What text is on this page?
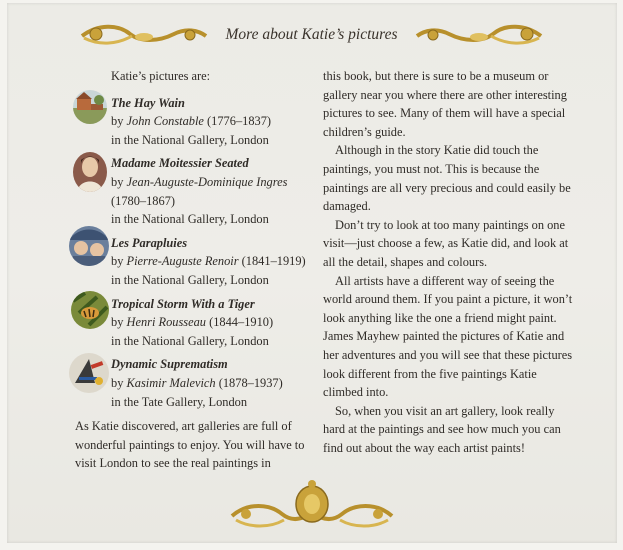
More about Katie’s pictures
Katie’s pictures are:
The Hay Wain
by John Constable (1776–1837)
in the National Gallery, London
Madame Moitessier Seated
by Jean-Auguste-Dominique Ingres (1780–1867)
in the National Gallery, London
Les Parapluies
by Pierre-Auguste Renoir (1841–1919)
in the National Gallery, London
Tropical Storm With a Tiger
by Henri Rousseau (1844–1910)
in the National Gallery, London
Dynamic Suprematism
by Kasimir Malevich (1878–1937)
in the Tate Gallery, London
As Katie discovered, art galleries are full of wonderful paintings to enjoy. You will have to visit London to see the real paintings in

this book, but there is sure to be a museum or gallery near you where there are other interesting pictures to see. Many of them will have a special children’s guide.

Although in the story Katie did touch the paintings, you must not. This is because the paintings are all very precious and could easily be damaged.

Don’t try to look at too many paintings on one visit—just choose a few, as Katie did, and look at all the detail, shapes and colours.

All artists have a different way of seeing the world around them. If you paint a picture, it won’t look anything like the one a friend might paint. James Mayhew painted the pictures of Katie and her adventures and you will see that these pictures look different from the five paintings Katie climbed into.

So, when you visit an art gallery, look really hard at the paintings and see how much you can find out about the way each artist paints!
